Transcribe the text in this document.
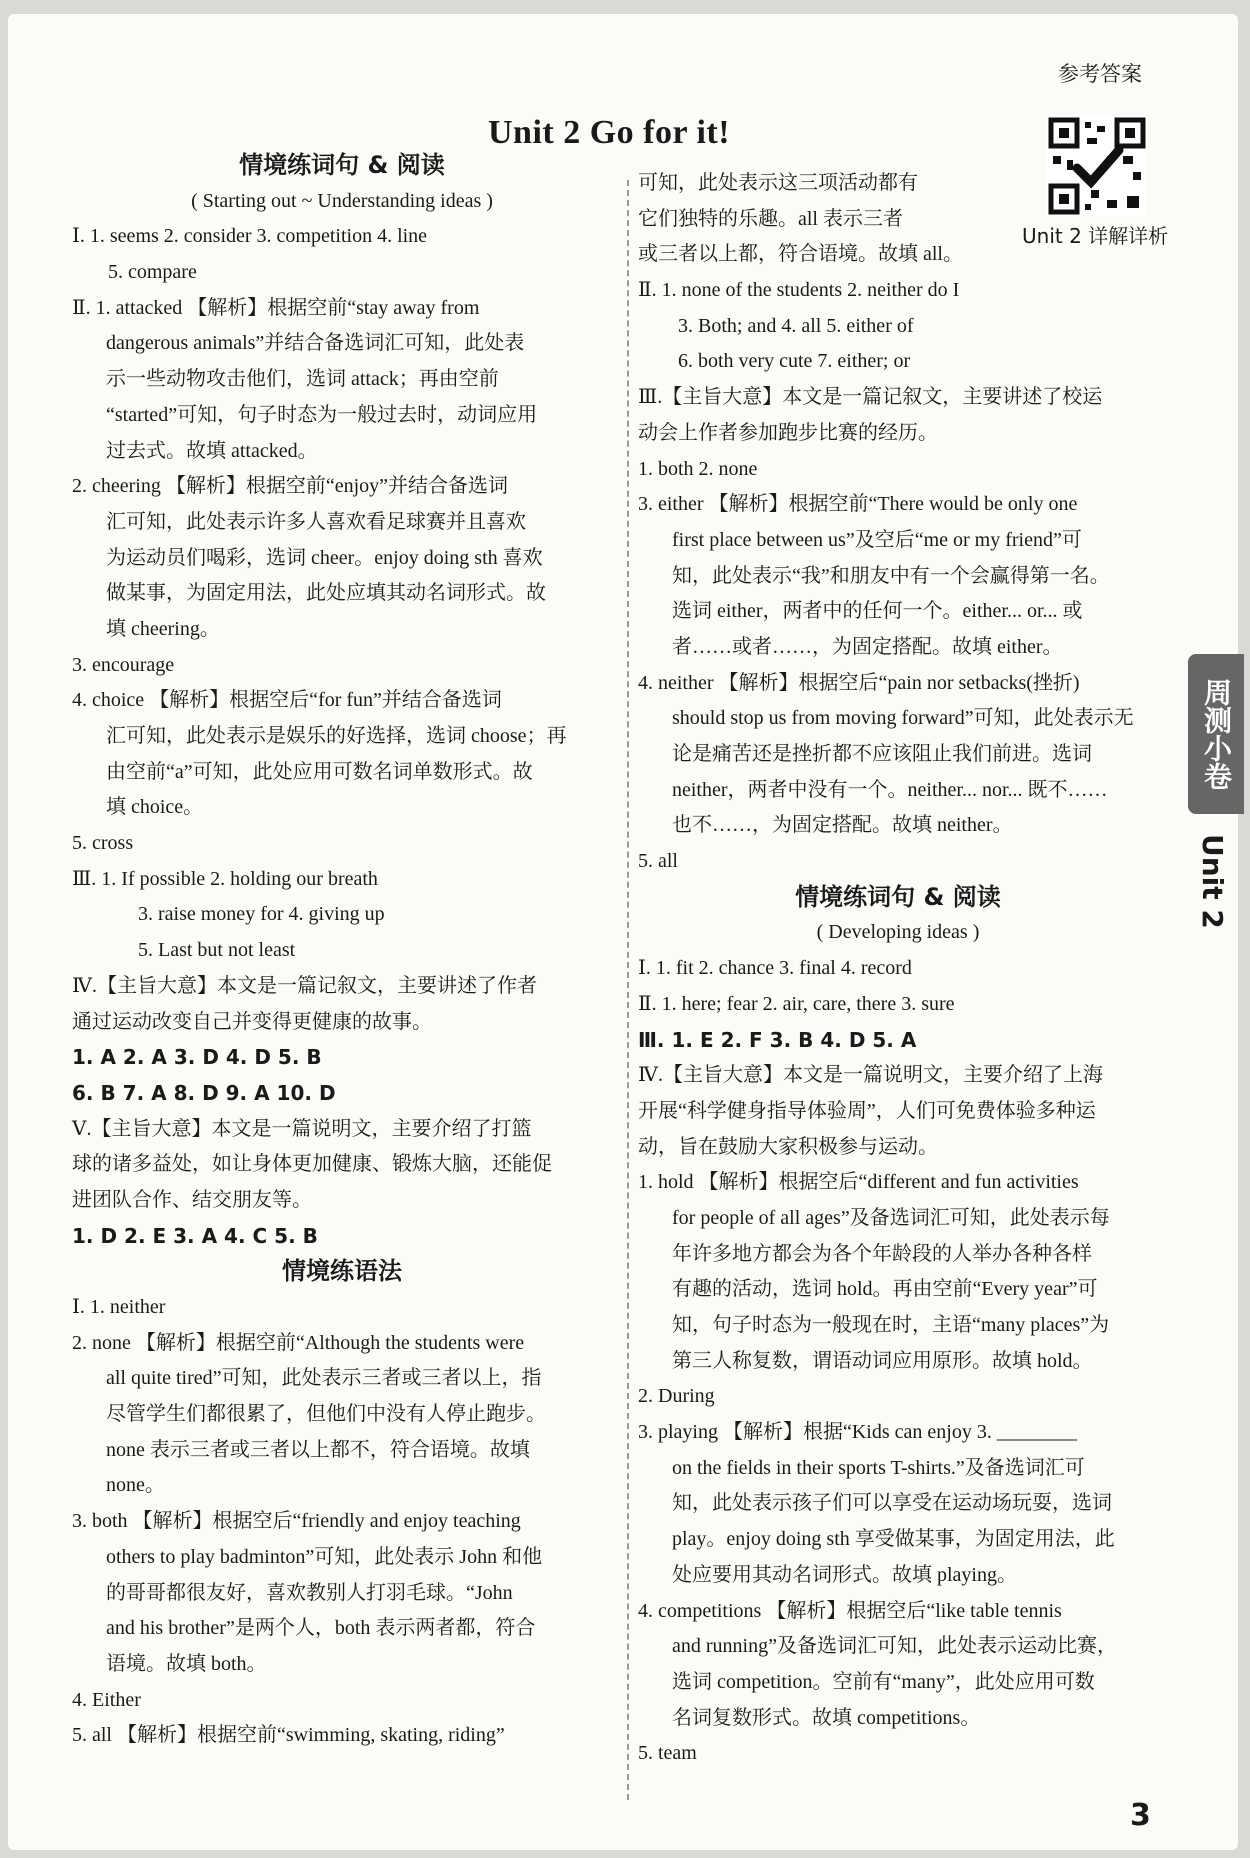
参考答案
Unit 2 Go for it!
Unit 2 详解详析
情境练词句 & 阅读
( Starting out ~ Understanding ideas )
Ⅰ. 1. seems 2. consider 3. competition 4. line
5. compare
Ⅱ. 1. attacked 【解析】根据空前“stay away from
dangerous animals”并结合备选词汇可知，此处表
示一些动物攻击他们，选词 attack；再由空前
“started”可知，句子时态为一般过去时，动词应用
过去式。故填 attacked。
2. cheering 【解析】根据空前“enjoy”并结合备选词
汇可知，此处表示许多人喜欢看足球赛并且喜欢
为运动员们喝彩，选词 cheer。enjoy doing sth 喜欢
做某事，为固定用法，此处应填其动名词形式。故
填 cheering。
3. encourage
4. choice 【解析】根据空后“for fun”并结合备选词
汇可知，此处表示是娱乐的好选择，选词 choose；再
由空前“a”可知，此处应用可数名词单数形式。故
填 choice。
5. cross
Ⅲ. 1. If possible 2. holding our breath
3. raise money for 4. giving up
5. Last but not least
Ⅳ.【主旨大意】本文是一篇记叙文，主要讲述了作者
通过运动改变自己并变得更健康的故事。
1. A 2. A 3. D 4. D 5. B
6. B 7. A 8. D 9. A 10. D
Ⅴ.【主旨大意】本文是一篇说明文，主要介绍了打篮
球的诸多益处，如让身体更加健康、锻炼大脑，还能促
进团队合作、结交朋友等。
1. D 2. E 3. A 4. C 5. B
情境练语法
Ⅰ. 1. neither
2. none 【解析】根据空前“Although the students were
all quite tired”可知，此处表示三者或三者以上，指
尽管学生们都很累了，但他们中没有人停止跑步。
none 表示三者或三者以上都不，符合语境。故填
none。
3. both 【解析】根据空后“friendly and enjoy teaching
others to play badminton”可知，此处表示 John 和他
的哥哥都很友好，喜欢教别人打羽毛球。“John
and his brother”是两个人，both 表示两者都，符合
语境。故填 both。
4. Either
5. all 【解析】根据空前“swimming, skating, riding”
可知，此处表示这三项活动都有
它们独特的乐趣。all 表示三者
或三者以上都，符合语境。故填 all。
Ⅱ. 1. none of the students 2. neither do I
3. Both; and 4. all 5. either of
6. both very cute 7. either; or
Ⅲ.【主旨大意】本文是一篇记叙文，主要讲述了校运
动会上作者参加跑步比赛的经历。
1. both 2. none
3. either 【解析】根据空前“There would be only one
first place between us”及空后“me or my friend”可
知，此处表示“我”和朋友中有一个会赢得第一名。
选词 either，两者中的任何一个。either... or... 或
者……或者……，为固定搭配。故填 either。
4. neither 【解析】根据空后“pain nor setbacks(挫折)
should stop us from moving forward”可知，此处表示无
论是痛苦还是挫折都不应该阻止我们前进。选词
neither，两者中没有一个。neither... nor... 既不……
也不……，为固定搭配。故填 neither。
5. all
情境练词句 & 阅读
( Developing ideas )
Ⅰ. 1. fit 2. chance 3. final 4. record
Ⅱ. 1. here; fear 2. air, care, there 3. sure
Ⅲ. 1. E 2. F 3. B 4. D 5. A
Ⅳ.【主旨大意】本文是一篇说明文，主要介绍了上海
开展“科学健身指导体验周”，人们可免费体验多种运
动，旨在鼓励大家积极参与运动。
1. hold 【解析】根据空后“different and fun activities
for people of all ages”及备选词汇可知，此处表示每
年许多地方都会为各个年龄段的人举办各种各样
有趣的活动，选词 hold。再由空前“Every year”可
知，句子时态为一般现在时，主语“many places”为
第三人称复数，谓语动词应用原形。故填 hold。
2. During
3. playing 【解析】根据“Kids can enjoy 3. ________
on the fields in their sports T-shirts.”及备选词汇可
知，此处表示孩子们可以享受在运动场玩耍，选词
play。enjoy doing sth 享受做某事，为固定用法，此
处应要用其动名词形式。故填 playing。
4. competitions 【解析】根据空后“like table tennis
and running”及备选词汇可知，此处表示运动比赛，
选词 competition。空前有“many”，此处应用可数
名词复数形式。故填 competitions。
5. team
周测小卷
Unit 2
3
